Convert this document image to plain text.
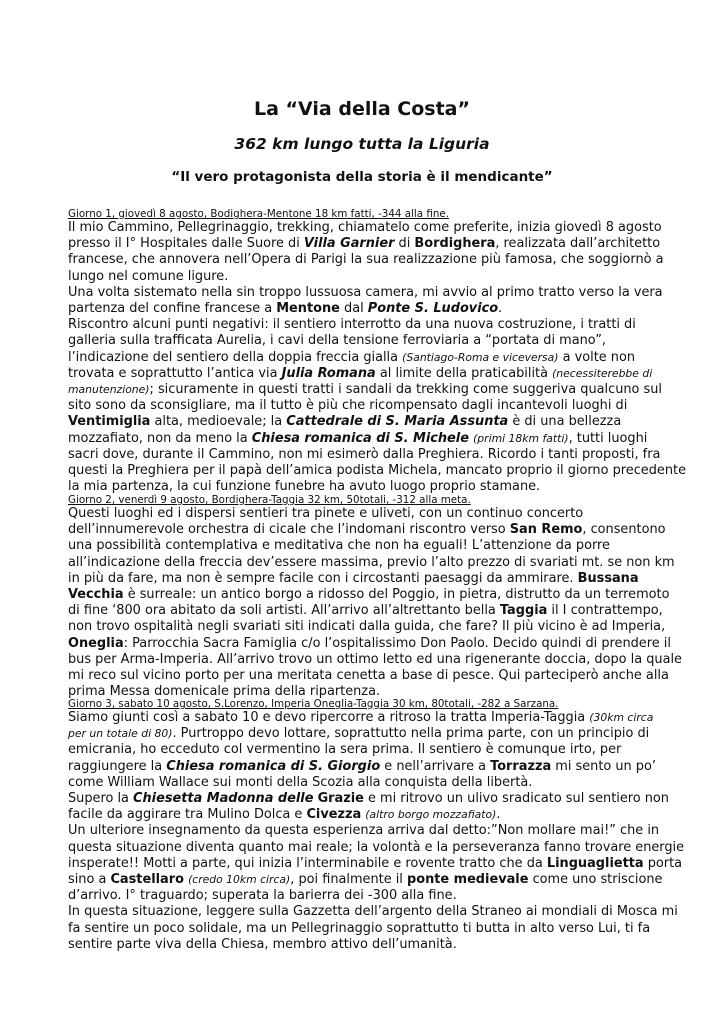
La “Via della Costa”
362 km lungo tutta la Liguria
“Il vero protagonista della storia è il mendicante”

Giorno 1, giovedì 8 agosto, Bodighera-Mentone 18 km fatti, -344 alla fine.

Il mio Cammino, Pellegrinaggio, trekking, chiamatelo come preferite, inizia giovedì 8 agosto

presso il I° Hospitales dalle Suore di Villa Garnier di Bordighera, realizzata dall’architetto

francese, che annovera nell’Opera di Parigi la sua realizzazione più famosa, che soggiornò a

lungo nel comune ligure.

Una volta sistemato nella sin troppo lussuosa camera, mi avvio al primo tratto verso la vera

partenza del confine francese a Mentone dal Ponte S. Ludovico.

Riscontro alcuni punti negativi: il sentiero interrotto da una nuova costruzione, i tratti di

galleria sulla trafficata Aurelia, i cavi della tensione ferroviaria a “portata di mano”,

l’indicazione del sentiero della doppia freccia gialla (Santiago-Roma e viceversa) a volte non

trovata e soprattutto l’antica via Julia Romana al limite della praticabilità (necessiterebbe di

manutenzione); sicuramente in questi tratti i sandali da trekking come suggeriva qualcuno sul

sito sono da sconsigliare, ma il tutto è più che ricompensato dagli incantevoli luoghi di

Ventimiglia alta, medioevale; la Cattedrale di S. Maria Assunta è di una bellezza

mozzafiato, non da meno la Chiesa romanica di S. Michele (primi 18km fatti), tutti luoghi

sacri dove, durante il Cammino, non mi esimerò dalla Preghiera. Ricordo i tanti proposti, fra

questi la Preghiera per il papà dell’amica podista Michela, mancato proprio il giorno precedente

la mia partenza, la cui funzione funebre ha avuto luogo proprio stamane.

Giorno 2, venerdì 9 agosto, Bordighera-Taggia 32 km, 50totali, -312 alla meta.

Questi luoghi ed i dispersi sentieri tra pinete e uliveti, con un continuo concerto

dell’innumerevole orchestra di cicale che l’indomani riscontro verso San Remo, consentono

una possibilità contemplativa e meditativa che non ha eguali! L’attenzione da porre

all’indicazione della freccia dev’essere massima, previo l’alto prezzo di svariati mt. se non km

in più da fare, ma non è sempre facile con i circostanti paesaggi da ammirare. Bussana

Vecchia è surreale: un antico borgo a ridosso del Poggio, in pietra, distrutto da un terremoto

di fine ‘800 ora abitato da soli artisti. All’arrivo all’altrettanto bella Taggia il I contrattempo,

non trovo ospitalità negli svariati siti indicati dalla guida, che fare? Il più vicino è ad Imperia,

Oneglia: Parrocchia Sacra Famiglia c/o l’ospitalissimo Don Paolo. Decido quindi di prendere il

bus per Arma-Imperia. All’arrivo trovo un ottimo letto ed una rigenerante doccia, dopo la quale

mi reco sul vicino porto per una meritata cenetta a base di pesce. Qui parteciperò anche alla

prima Messa domenicale prima della ripartenza.

Giorno 3, sabato 10 agosto, S.Lorenzo, Imperia Oneglia-Taggia 30 km, 80totali, -282 a Sarzana.

Siamo giunti così a sabato 10 e devo ripercorre a ritroso la tratta Imperia-Taggia (30km circa

per un totale di 80). Purtroppo devo lottare, soprattutto nella prima parte, con un principio di

emicrania, ho ecceduto col vermentino la sera prima. Il sentiero è comunque irto, per

raggiungere la Chiesa romanica di S. Giorgio e nell’arrivare a Torrazza mi sento un po’

come William Wallace sui monti della Scozia alla conquista della libertà.

Supero la Chiesetta Madonna delle Grazie e mi ritrovo un ulivo sradicato sul sentiero non

facile da aggirare tra Mulino Dolca e Civezza (altro borgo mozzafiato).

Un ulteriore insegnamento da questa esperienza arriva dal detto:”Non mollare mai!” che in

questa situazione diventa quanto mai reale; la volontà e la perseveranza fanno trovare energie

insperate!! Motti a parte, qui inizia l’interminabile e rovente tratto che da Linguaglietta porta

sino a Castellaro (credo 10km circa), poi finalmente il ponte medievale come uno striscione

d’arrivo. I° traguardo; superata la barierra dei -300 alla fine.

In questa situazione, leggere sulla Gazzetta dell’argento della Straneo ai mondiali di Mosca mi

fa sentire un poco solidale, ma un Pellegrinaggio soprattutto ti butta in alto verso Lui, ti fa

sentire parte viva della Chiesa, membro attivo dell’umanità.
